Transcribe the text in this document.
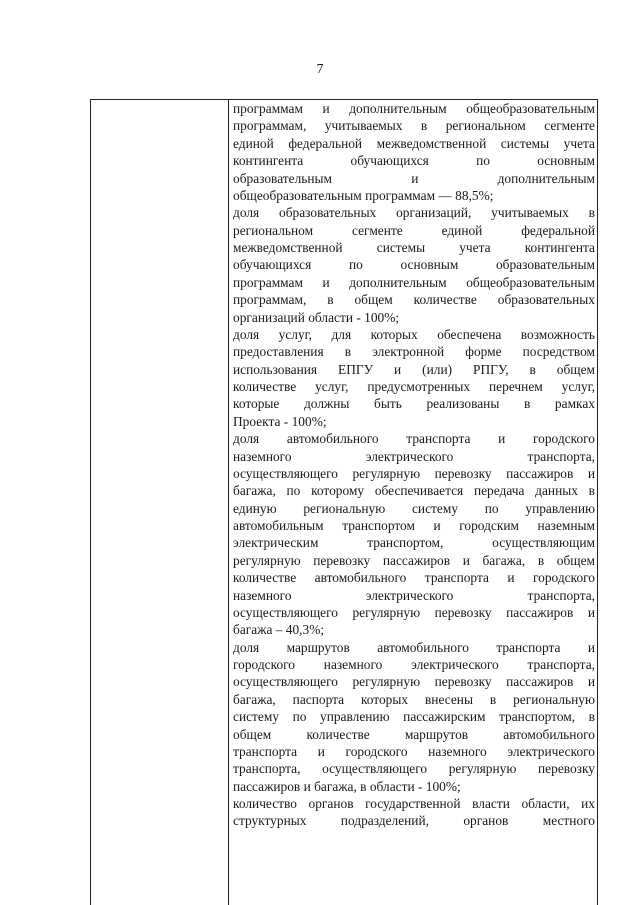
7
программам и дополнительным общеобразовательным
программам, учитываемых в региональном сегменте
единой федеральной межведомственной системы учета
контингента обучающихся по основным
образовательным и дополнительным
общеобразовательным программам — 88,5%;
доля образовательных организаций, учитываемых в
региональном сегменте единой федеральной
межведомственной системы учета контингента
обучающихся по основным образовательным
программам и дополнительным общеобразовательным
программам, в общем количестве образовательных
организаций области - 100%;
доля услуг, для которых обеспечена возможность
предоставления в электронной форме посредством
использования ЕПГУ и (или) РПГУ, в общем
количестве услуг, предусмотренных перечнем услуг,
которые должны быть реализованы в рамках
Проекта - 100%;
доля автомобильного транспорта и городского
наземного электрического транспорта,
осуществляющего регулярную перевозку пассажиров и
багажа, по которому обеспечивается передача данных в
единую региональную систему по управлению
автомобильным транспортом и городским наземным
электрическим транспортом, осуществляющим
регулярную перевозку пассажиров и багажа, в общем
количестве автомобильного транспорта и городского
наземного электрического транспорта,
осуществляющего регулярную перевозку пассажиров и
багажа – 40,3%;
доля маршрутов автомобильного транспорта и
городского наземного электрического транспорта,
осуществляющего регулярную перевозку пассажиров и
багажа, паспорта которых внесены в региональную
систему по управлению пассажирским транспортом, в
общем количестве маршрутов автомобильного
транспорта и городского наземного электрического
транспорта, осуществляющего регулярную перевозку
пассажиров и багажа, в области - 100%;
количество органов государственной власти области, их
структурных подразделений, органов местного
